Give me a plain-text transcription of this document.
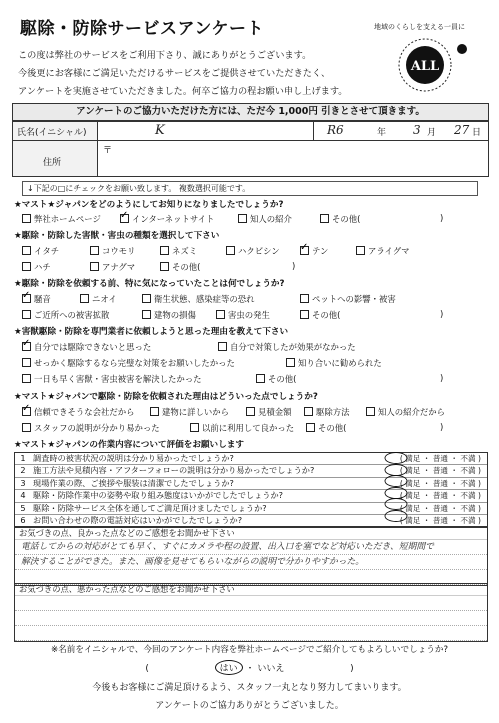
駆除・防除サービスアンケート	地域のくらしを支える一員に
ALL
この度は弊社のサービスをご利用下さり、誠にありがとうございます。
今後更にお客様にご満足いただけるサービスをご提供させていただきたく、
アンケートを実施させていただきました。何卒ご協力の程お願い申し上げます。
アンケートのご協力いただけた方には、ただ今 1,000円 引きとさせて頂きます。
氏名(イニシャル)	K	R6	年 3 月 27 日
住所
〒
↓下記の□にチェックをお願い致します。 複数選択可能です。
★マスト★ジャパンをどのようにしてお知りになりましたでしょうか?
弊社ホームページ ✓	インターネットサイト	知人の紹介	その他(	)
★駆除・防除した害獣・害虫の種類を選択して下さい
イタチ	コウモリ	ネズミ	ハクビシン ✓	テン	アライグマ
ハチ	アナグマ	その他(	)
★駆除・防除を依頼する前、特に気になっていたことは何でしょうか?
✓騒音	ニオイ	衛生状態、感染症等の恐れ	ペットへの影響・被害
ご近所への被害拡散	建物の損傷	害虫の発生	その他(	)
★害獣駆除・防除を専門業者に依頼しようと思った理由を教えて下さい
✓自分では駆除できないと思った	自分で対策したが効果がなかった
せっかく駆除するなら完璧な対策をお願いしたかった	知り合いに勧められた
一日も早く害獣・害虫被害を解決したかった	その他(	)
★マスト★ジャパンで駆除・防除を依頼された理由はどういった点でしょうか?
✓信頼できそうな会社だから	建物に詳しいから	見積金額	駆除方法	知人の紹介だから
スタッフの説明が分かり易かった	以前に利用して良かった	その他(	)
★マスト★ジャパンの作業内容について評価をお願いします
1 調査時の被害状況の説明は分かり易かったでしょうか?	( 満足 ・ 普通 ・ 不満 )
2 施工方法や見積内容・アフターフォローの説明は分かり易かったでしょうか?	( 満足 ・ 普通 ・ 不満 )
3 現場作業の際、ご挨拶や服装は清潔でしたでしょうか?	( 満足 ・ 普通 ・ 不満 )
4 駆除・防除作業中の姿勢や取り組み態度はいかがでしたでしょうか?	( 満足 ・ 普通 ・ 不満 )
5 駆除・防除サービス全体を通してご満足頂けましたでしょうか?	( 満足 ・ 普通 ・ 不満 )
6 お問い合わせの際の電話対応はいかがでしたでしょうか?	( 満足 ・ 普通 ・ 不満 )
お気づきの点、良かった点などのご感想をお聞かせ下さい
電話してからの対応がとても早く、すぐにカメラや程の設置、出入口を塞でなど対応いただき、短期間で
解決することができた。また、画像を見せてもらいながらの説明で分かりやすかった。
お気づきの点、悪かった点などのご感想をお聞かせ下さい
※名前をイニシャルで、今回のアンケート内容を弊社ホームページでご紹介してもよろしいでしょうか?
(	はい ・ いいえ	)
今後もお客様にご満足頂けるよう、スタッフ一丸となり努力してまいります。
アンケートのご協力ありがとうございました。
